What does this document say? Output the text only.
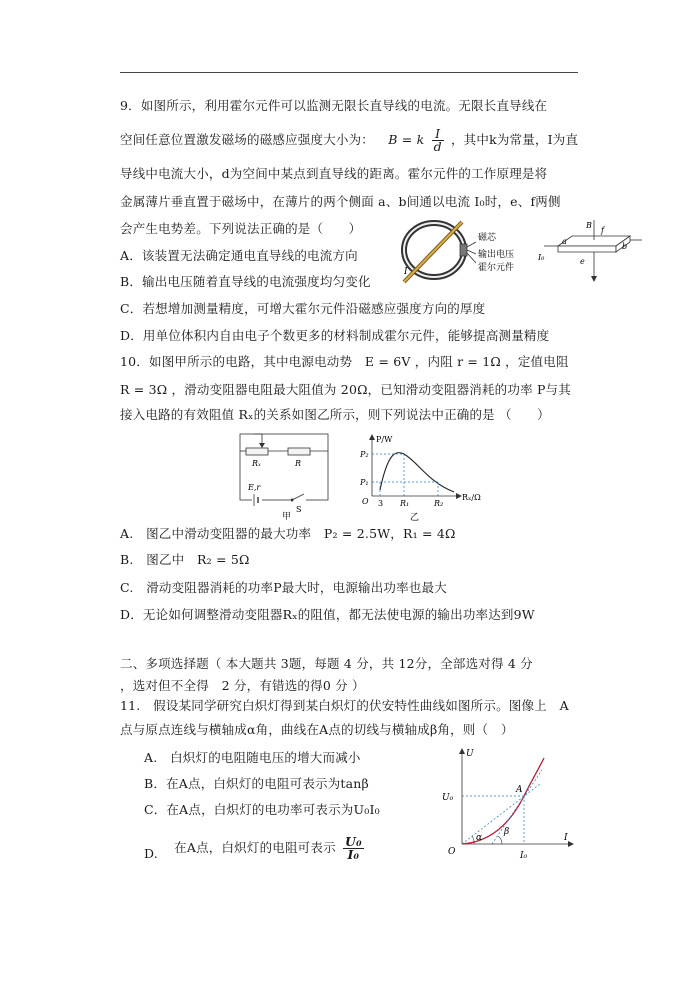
9．如图所示，利用霍尔元件可以监测无限长直导线的电流。无限长直导线在
空间任意位置激发磁场的磁感应强度大小为： B = k $\frac{I}{d}$ ，其中k为常量，I为直
导线中电流大小，d为空间中某点到直导线的距离。霍尔元件的工作原理是将
金属薄片垂直置于磁场中，在薄片的两个侧面 a、b间通以电流 I₀时，e、f两侧
会产生电势差。下列说法正确的是（　　）
A．该装置无法确定通电直导线的电流方向
B．输出电压随着直导线的电流强度均匀变化
C．若想增加测量精度，可增大霍尔元件沿磁感应强度方向的厚度
D．用单位体积内自由电子个数更多的材料制成霍尔元件，能够提高测量精度
磁芯
输出电压
霍尔元件
I
B
f
a
b
e
I₀
10．如图甲所示的电路，其中电源电动势　E = 6V ，内阻 r = 1Ω ，定值电阻
R = 3Ω ，滑动变阻器电阻最大阻值为 20Ω，已知滑动变阻器消耗的功率 P与其
接入电路的有效阻值 Rₓ的关系如图乙所示，则下列说法中正确的是 （　　）
Rₓ	R
E,r
S
甲
P/W
Rₓ/Ω
O
P₂
P₁
3 R₁	R₂
乙
A.　图乙中滑动变阻器的最大功率　P₂ = 2.5W，R₁ = 4Ω
B.　图乙中　R₂ = 5Ω
C.　滑动变阻器消耗的功率P最大时，电源输出功率也最大
D．无论如何调整滑动变阻器Rₓ的阻值，都无法使电源的输出功率达到9W
二、多项选择题（ 本大题共 3题，每题 4 分，共 12分，全部选对得 4 分
，选对但不全得　2 分，有错选的得0 分 ）
11.　假设某同学研究白炽灯得到某白炽灯的伏安特性曲线如图所示。图像上　A
点与原点连线与横轴成α角，曲线在A点的切线与横轴成β角，则（　）
A.　白炽灯的电阻随电压的增大而减小
B．在A点，白炽灯的电阻可表示为tanβ
C．在A点，白炽灯的电功率可表示为U₀I₀
D. 在A点，白炽灯的电阻可表示 $\frac{\text{U₀}}{\text{I₀}}$
U
I
O
U₀
I₀
A
α
β
